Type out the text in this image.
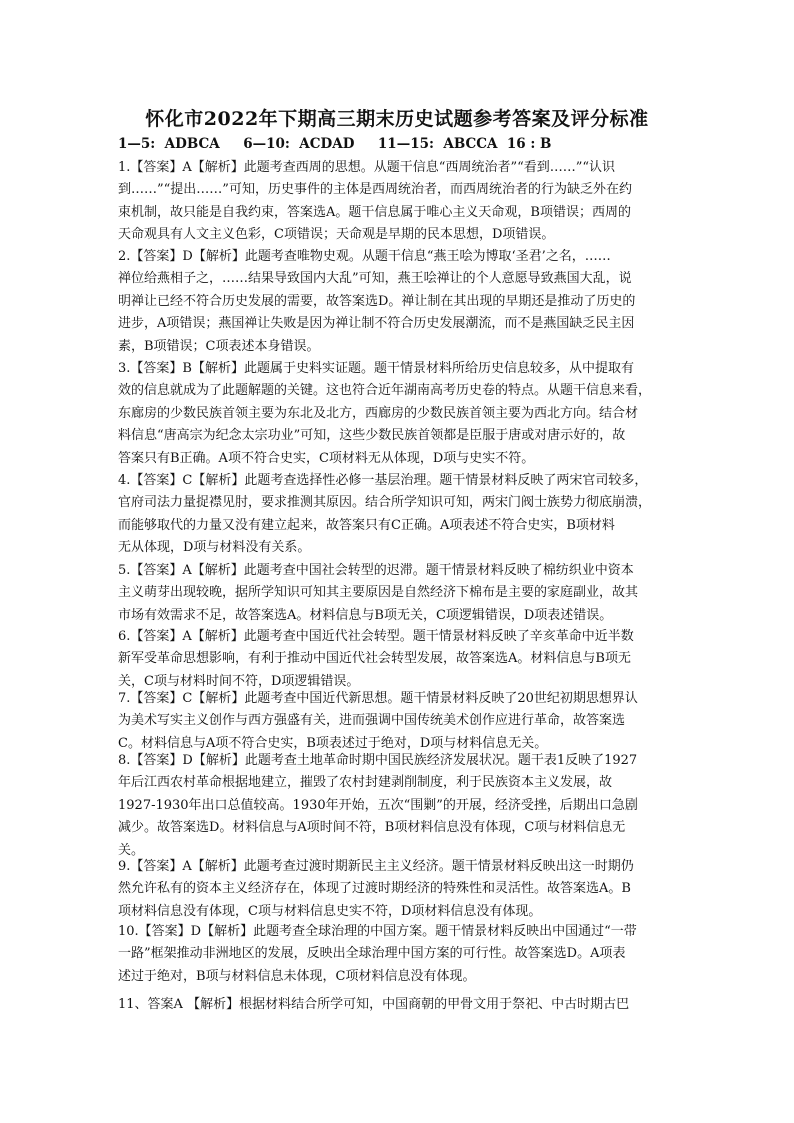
怀化市2022年下期高三期末历史试题参考答案及评分标准
1—5:  ADBCA     6—10:  ACDAD     11—15:  ABCCA  16 : B
1.【答案】A【解析】此题考查西周的思想。从题干信息“西周统治者”“看到……”“认识
到……”“提出……”可知，历史事件的主体是西周统治者，而西周统治者的行为缺乏外在约
束机制，故只能是自我约束，答案选A。题干信息属于唯心主义天命观，B项错误；西周的
天命观具有人文主义色彩，C项错误；天命观是早期的民本思想，D项错误。
2.【答案】D【解析】此题考查唯物史观。从题干信息“燕王哙为博取‘圣君’之名，……
禅位给燕相子之，……结果导致国内大乱”可知，燕王哙禅让的个人意愿导致燕国大乱，说
明禅让已经不符合历史发展的需要，故答案选D。禅让制在其出现的早期还是推动了历史的
进步，A项错误；燕国禅让失败是因为禅让制不符合历史发展潮流，而不是燕国缺乏民主因
素，B项错误；C项表述本身错误。
3.【答案】B【解析】此题属于史料实证题。题干情景材料所给历史信息较多，从中提取有
效的信息就成为了此题解题的关键。这也符合近年湖南高考历史卷的特点。从题干信息来看，
东廊房的少数民族首领主要为东北及北方，西廊房的少数民族首领主要为西北方向。结合材
料信息“唐高宗为纪念太宗功业”可知，这些少数民族首领都是臣服于唐或对唐示好的，故
答案只有B正确。A项不符合史实，C项材料无从体现，D项与史实不符。
4.【答案】C【解析】此题考查选择性必修一基层治理。题干情景材料反映了两宋官司较多，
官府司法力量捉襟见肘，要求推测其原因。结合所学知识可知，两宋门阀士族势力彻底崩溃，
而能够取代的力量又没有建立起来，故答案只有C正确。A项表述不符合史实，B项材料
无从体现，D项与材料没有关系。
5.【答案】A【解析】此题考查中国社会转型的迟滞。题干情景材料反映了棉纺织业中资本
主义萌芽出现较晚，据所学知识可知其主要原因是自然经济下棉布是主要的家庭副业，故其
市场有效需求不足，故答案选A。材料信息与B项无关，C项逻辑错误，D项表述错误。
6.【答案】A【解析】此题考查中国近代社会转型。题干情景材料反映了辛亥革命中近半数
新军受革命思想影响，有利于推动中国近代社会转型发展，故答案选A。材料信息与B项无
关，C项与材料时间不符，D项逻辑错误。
7.【答案】C【解析】此题考查中国近代新思想。题干情景材料反映了20世纪初期思想界认
为美术写实主义创作与西方强盛有关，进而强调中国传统美术创作应进行革命，故答案选
C。材料信息与A项不符合史实，B项表述过于绝对，D项与材料信息无关。
8.【答案】D【解析】此题考查土地革命时期中国民族经济发展状况。题干表1反映了1927
年后江西农村革命根据地建立，摧毁了农村封建剥削制度，利于民族资本主义发展，故
1927-1930年出口总值较高。1930年开始，五次“围剿”的开展，经济受挫，后期出口急剧
减少。故答案选D。材料信息与A项时间不符，B项材料信息没有体现，C项与材料信息无
关。
9.【答案】A【解析】此题考查过渡时期新民主主义经济。题干情景材料反映出这一时期仍
然允许私有的资本主义经济存在，体现了过渡时期经济的特殊性和灵活性。故答案选A。B
项材料信息没有体现，C项与材料信息史实不符，D项材料信息没有体现。
10.【答案】D【解析】此题考查全球治理的中国方案。题干情景材料反映出中国通过“一带
一路”框架推动非洲地区的发展，反映出全球治理中国方案的可行性。故答案选D。A项表
述过于绝对，B项与材料信息未体现，C项材料信息没有体现。
11、答案A 【解析】根据材料结合所学可知，中国商朝的甲骨文用于祭祀、中古时期古巴
